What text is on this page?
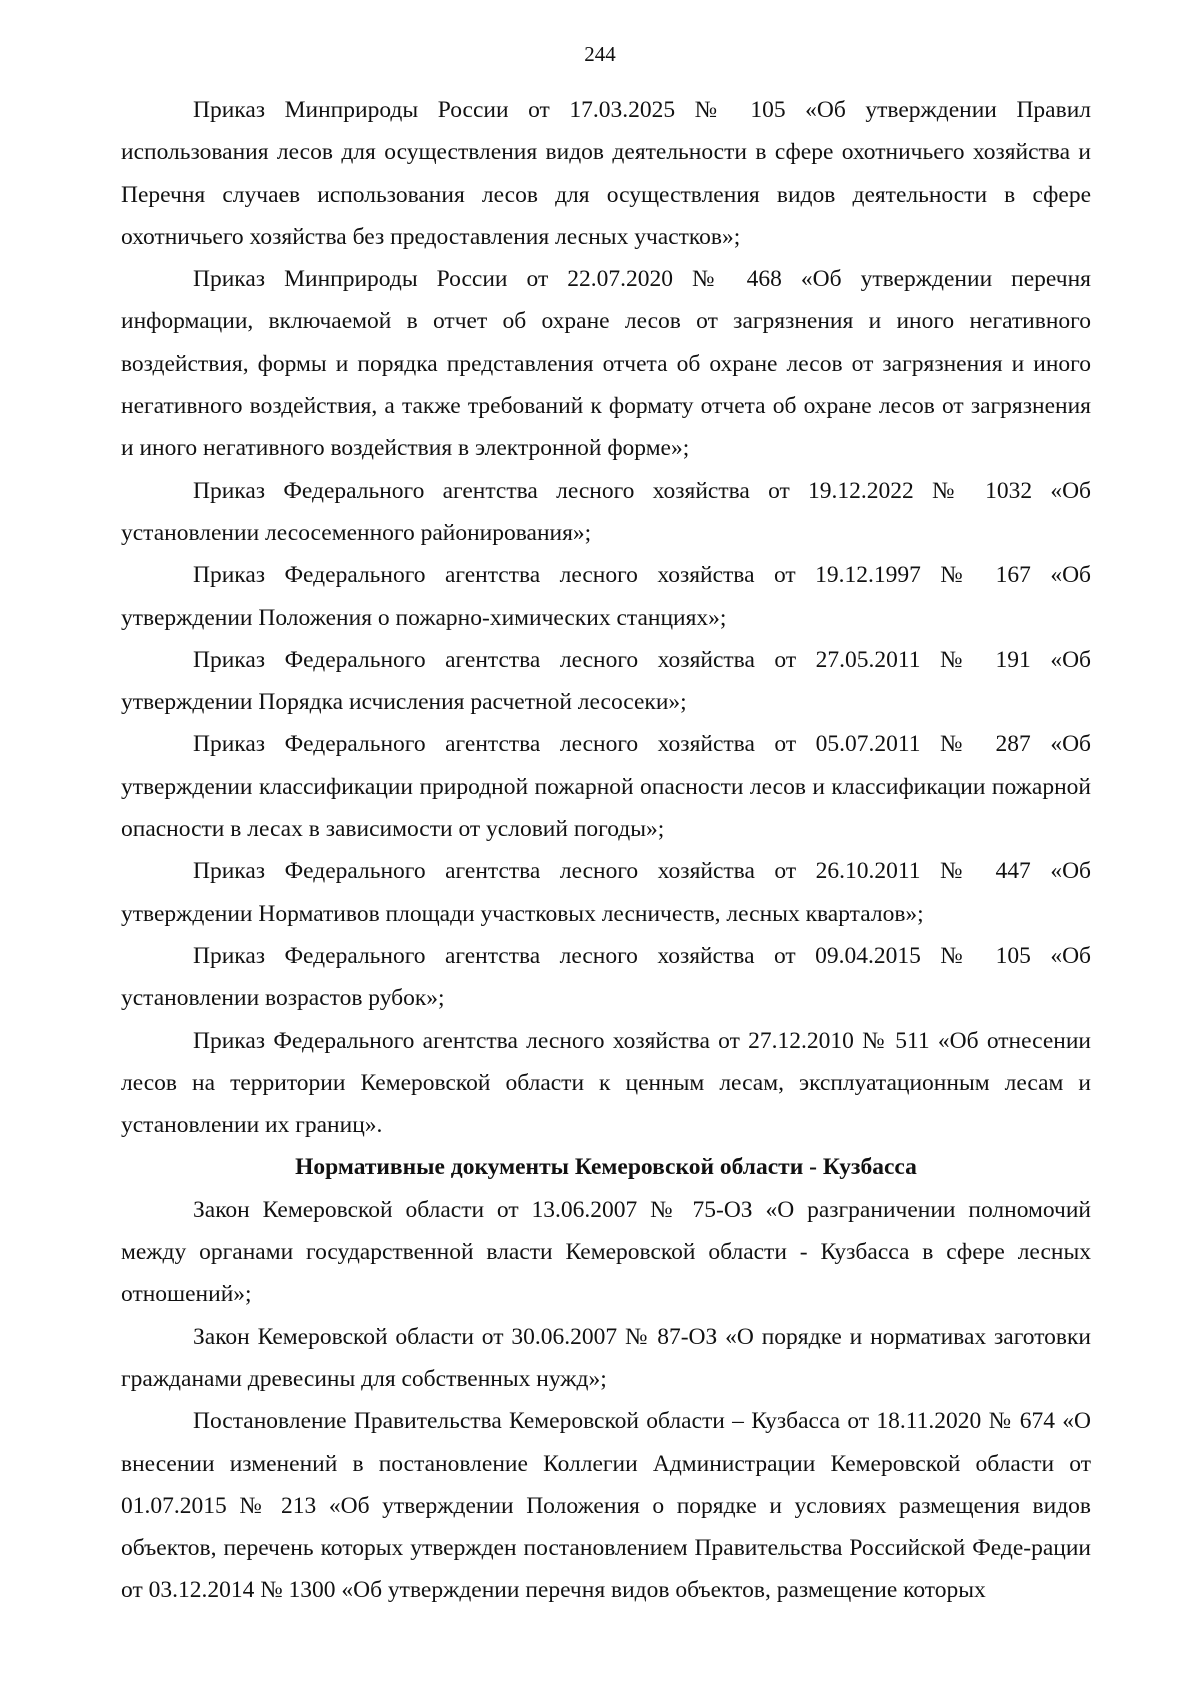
244

Приказ Минприроды России от 17.03.2025 № 105 «Об утверждении Правил использования лесов для осуществления видов деятельности в сфере охотничьего хозяйства и Перечня случаев использования лесов для осуществления видов деятельности в сфере охотничьего хозяйства без предоставления лесных участков»;

Приказ Минприроды России от 22.07.2020 № 468 «Об утверждении перечня информации, включаемой в отчет об охране лесов от загрязнения и иного негативного воздействия, формы и порядка представления отчета об охране лесов от загрязнения и иного негативного воздействия, а также требований к формату отчета об охране лесов от загрязнения и иного негативного воздействия в электронной форме»;

Приказ Федерального агентства лесного хозяйства от 19.12.2022 № 1032 «Об установлении лесосеменного районирования»;

Приказ Федерального агентства лесного хозяйства от 19.12.1997 № 167 «Об утверждении Положения о пожарно-химических станциях»;

Приказ Федерального агентства лесного хозяйства от 27.05.2011 № 191 «Об утверждении Порядка исчисления расчетной лесосеки»;

Приказ Федерального агентства лесного хозяйства от 05.07.2011 № 287 «Об утверждении классификации природной пожарной опасности лесов и классификации пожарной опасности в лесах в зависимости от условий погоды»;

Приказ Федерального агентства лесного хозяйства от 26.10.2011 № 447 «Об утверждении Нормативов площади участковых лесничеств, лесных кварталов»;

Приказ Федерального агентства лесного хозяйства от 09.04.2015 № 105 «Об установлении возрастов рубок»;

Приказ Федерального агентства лесного хозяйства от 27.12.2010 № 511 «Об отнесении лесов на территории Кемеровской области к ценным лесам, эксплуатационным лесам и установлении их границ».

Нормативные документы Кемеровской области - Кузбасса

Закон Кемеровской области от 13.06.2007 № 75-ОЗ «О разграничении полномочий между органами государственной власти Кемеровской области - Кузбасса в сфере лесных отношений»;

Закон Кемеровской области от 30.06.2007 № 87-ОЗ «О порядке и нормативах заготовки гражданами древесины для собственных нужд»;

Постановление Правительства Кемеровской области – Кузбасса от 18.11.2020 № 674 «О внесении изменений в постановление Коллегии Администрации Кемеровской области от 01.07.2015 № 213 «Об утверждении Положения о порядке и условиях размещения видов объектов, перечень которых утвержден постановлением Правительства Российской Феде-рации от 03.12.2014 № 1300 «Об утверждении перечня видов объектов, размещение которых
